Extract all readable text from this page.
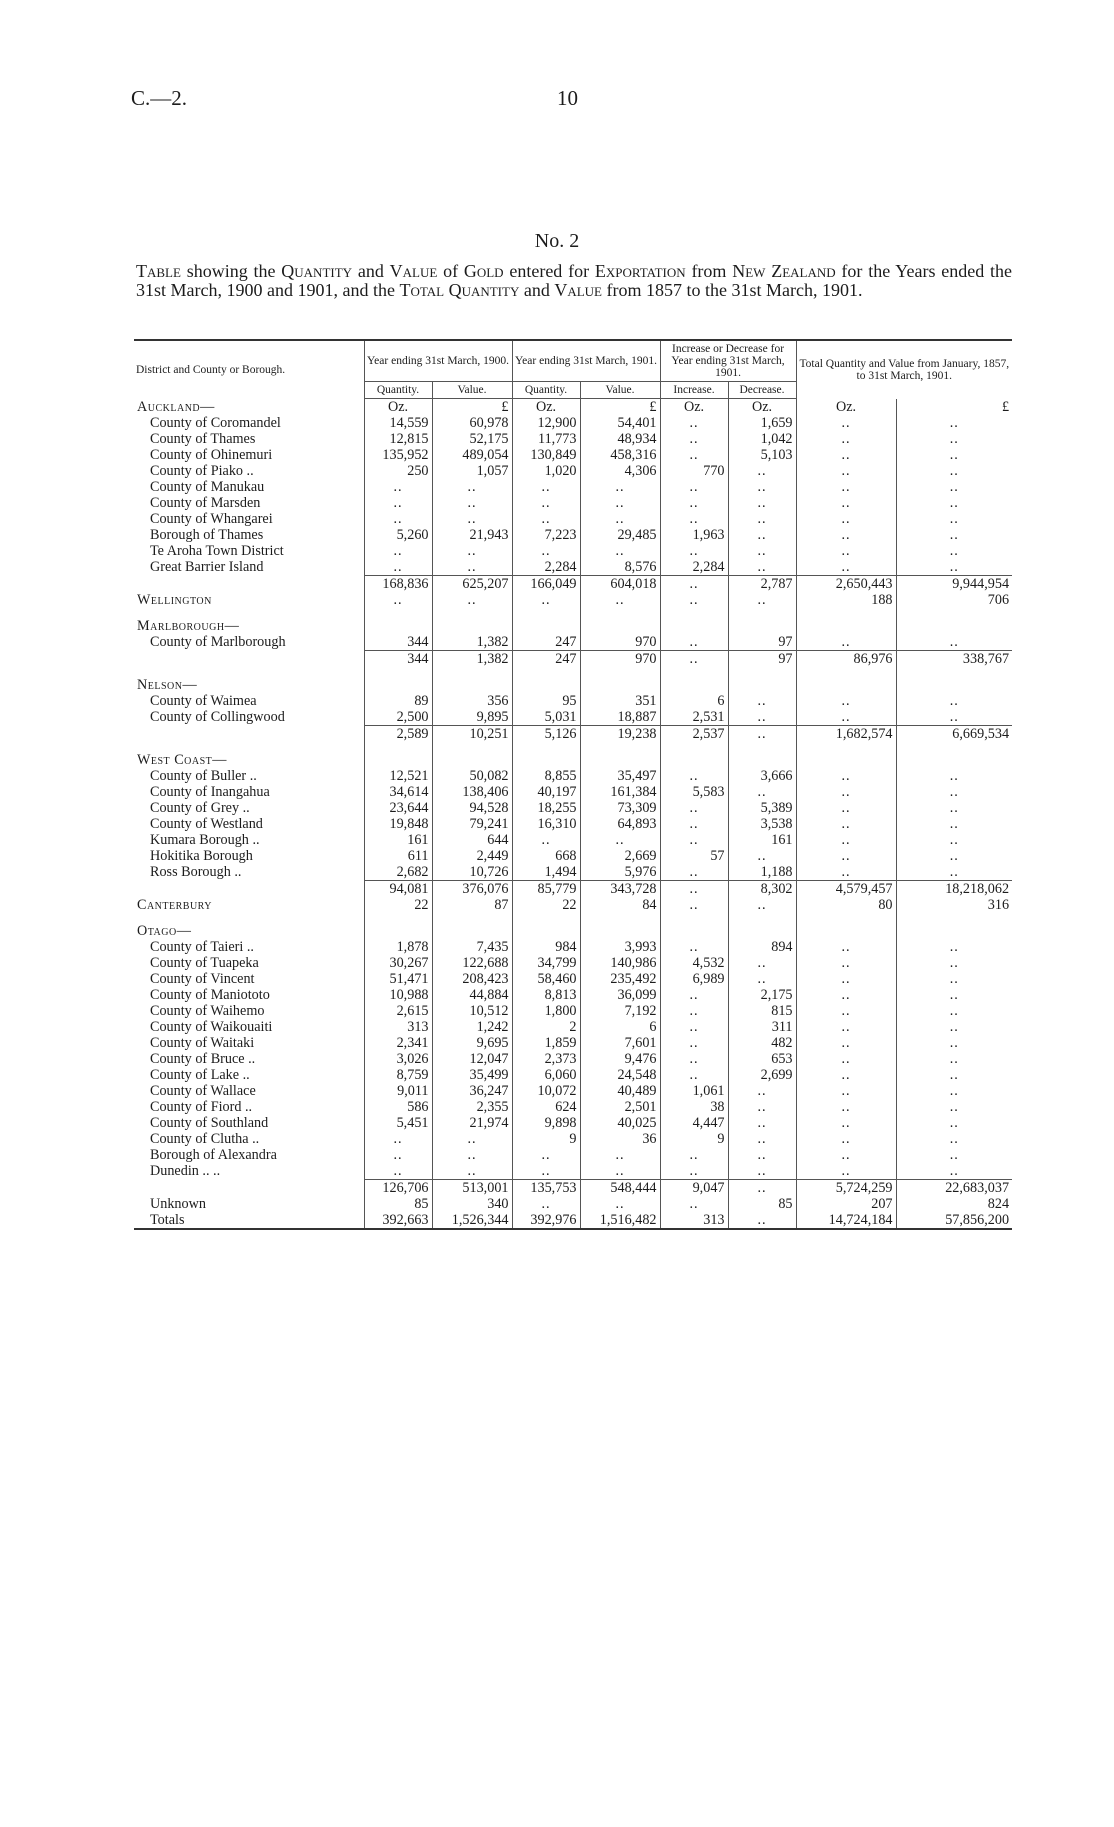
C.—2.	10
No. 2
Table showing the Quantity and Value of Gold entered for Exportation from New Zealand for the Years ended the 31st March, 1900 and 1901, and the Total Quantity and Value from 1857 to the 31st March, 1901.
District and County or Borough.	Year ending 31st March, 1900.		Year ending 31st March, 1901.		Increase or Decrease for Year ending 31st March, 1901.		Total Quantity and Value from January, 1857, to 31st March, 1901.	
	Quantity.	Value.	Quantity.	Value.	Increase.	Decrease.		
Auckland—	Oz.	£	Oz.	£	Oz.	Oz.	Oz.	£
County of Coromandel	14,559	60,978	12,900	54,401	..	1,659	..	..
County of Thames	12,815	52,175	11,773	48,934	..	1,042	..	..
County of Ohinemuri	135,952	489,054	130,849	458,316	..	5,103	..	..
County of Piako ..	250	1,057	1,020	4,306	770	..	..	..
County of Manukau	..	..	..	..	..	..	..	..
County of Marsden	..	..	..	..	..	..	..	..
County of Whangarei	..	..	..	..	..	..	..	..
Borough of Thames	5,260	21,943	7,223	29,485	1,963	..	..	..
Te Aroha Town District	..	..	..	..	..	..	..	..
Great Barrier Island	..	..	2,284	8,576	2,284	..	..	..
	168,836	625,207	166,049	604,018	..	2,787	2,650,443	9,944,954
Wellington	..	..	..	..	..	..	188	706

Marlborough—								
County of Marlborough	344	1,382	247	970	..	97	..	..
	344	1,382	247	970	..	97	86,976	338,767

Nelson—								
County of Waimea	89	356	95	351	6	..	..	..
County of Collingwood	2,500	9,895	5,031	18,887	2,531	..	..	..
	2,589	10,251	5,126	19,238	2,537	..	1,682,574	6,669,534

West Coast—								
County of Buller ..	12,521	50,082	8,855	35,497	..	3,666	..	..
County of Inangahua	34,614	138,406	40,197	161,384	5,583	..	..	..
County of Grey ..	23,644	94,528	18,255	73,309	..	5,389	..	..
County of Westland	19,848	79,241	16,310	64,893	..	3,538	..	..
Kumara Borough ..	161	644	..	..	..	161	..	..
Hokitika Borough	611	2,449	668	2,669	57	..	..	..
Ross Borough ..	2,682	10,726	1,494	5,976	..	1,188	..	..
	94,081	376,076	85,779	343,728	..	8,302	4,579,457	18,218,062
Canterbury	22	87	22	84	..	..	80	316

Otago—								
County of Taieri ..	1,878	7,435	984	3,993	..	894	..	..
County of Tuapeka	30,267	122,688	34,799	140,986	4,532	..	..	..
County of Vincent	51,471	208,423	58,460	235,492	6,989	..	..	..
County of Maniototo	10,988	44,884	8,813	36,099	..	2,175	..	..
County of Waihemo	2,615	10,512	1,800	7,192	..	815	..	..
County of Waikouaiti	313	1,242	2	6	..	311	..	..
County of Waitaki	2,341	9,695	1,859	7,601	..	482	..	..
County of Bruce ..	3,026	12,047	2,373	9,476	..	653	..	..
County of Lake ..	8,759	35,499	6,060	24,548	..	2,699	..	..
County of Wallace	9,011	36,247	10,072	40,489	1,061	..	..	..
County of Fiord ..	586	2,355	624	2,501	38	..	..	..
County of Southland	5,451	21,974	9,898	40,025	4,447	..	..	..
County of Clutha ..	..	..	9	36	9	..	..	..
Borough of Alexandra	..	..	..	..	..	..	..	..
Dunedin .. ..	..	..	..	..	..	..	..	..
	126,706	513,001	135,753	548,444	9,047	..	5,724,259	22,683,037
Unknown	85	340	..	..	..	85	207	824
Totals	392,663	1,526,344	392,976	1,516,482	313	..	14,724,184	57,856,200
